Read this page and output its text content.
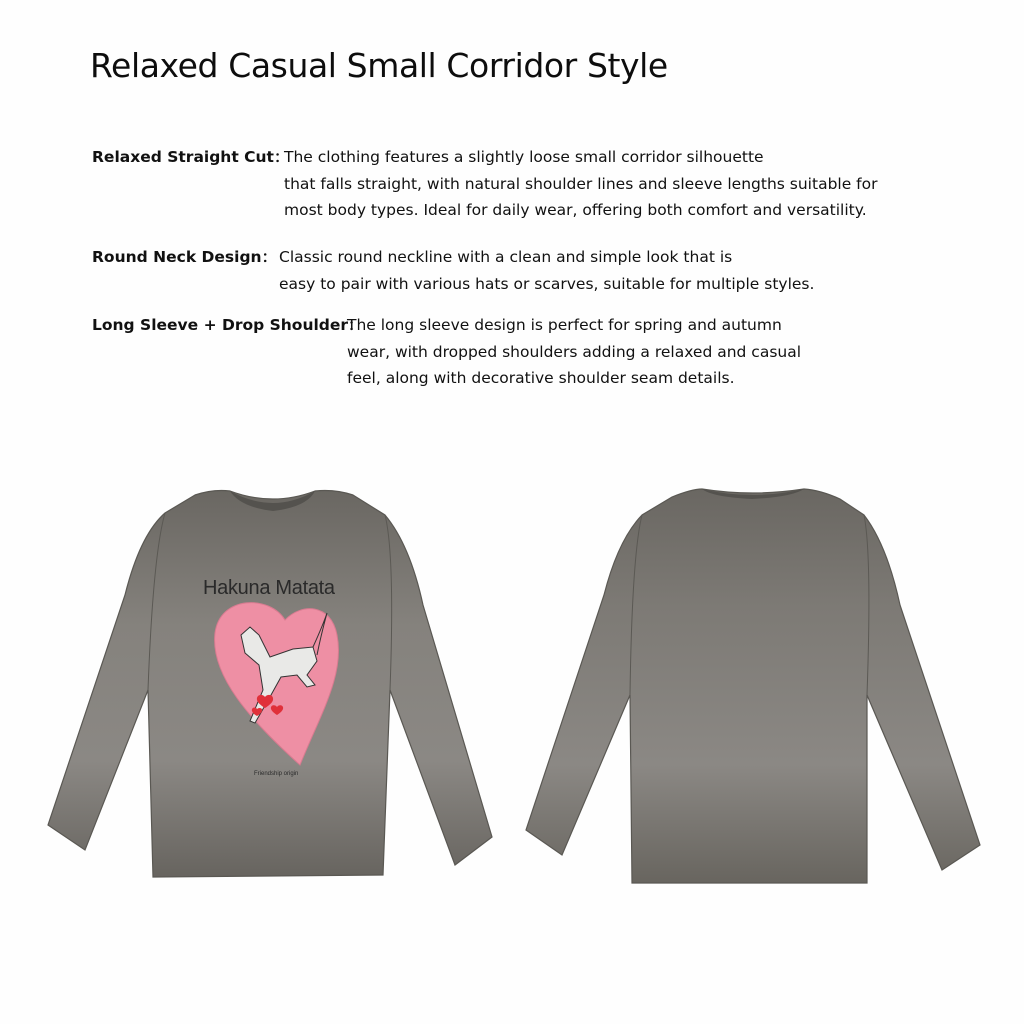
Relaxed Casual Small Corridor Style
Relaxed Straight Cut：
The clothing features a slightly loose small corridor silhouette
that falls straight, with natural shoulder lines and sleeve lengths suitable for
most body types. Ideal for daily wear, offering both comfort and versatility.
Round Neck Design： Classic round neckline with a clean and simple look that is
easy to pair with various hats or scarves, suitable for multiple styles.
Long Sleeve + Drop Shoulder：
The long sleeve design is perfect for spring and autumn
wear, with dropped shoulders adding a relaxed and casual
feel, along with decorative shoulder seam details.
Hakuna Matata
Friendship origin
